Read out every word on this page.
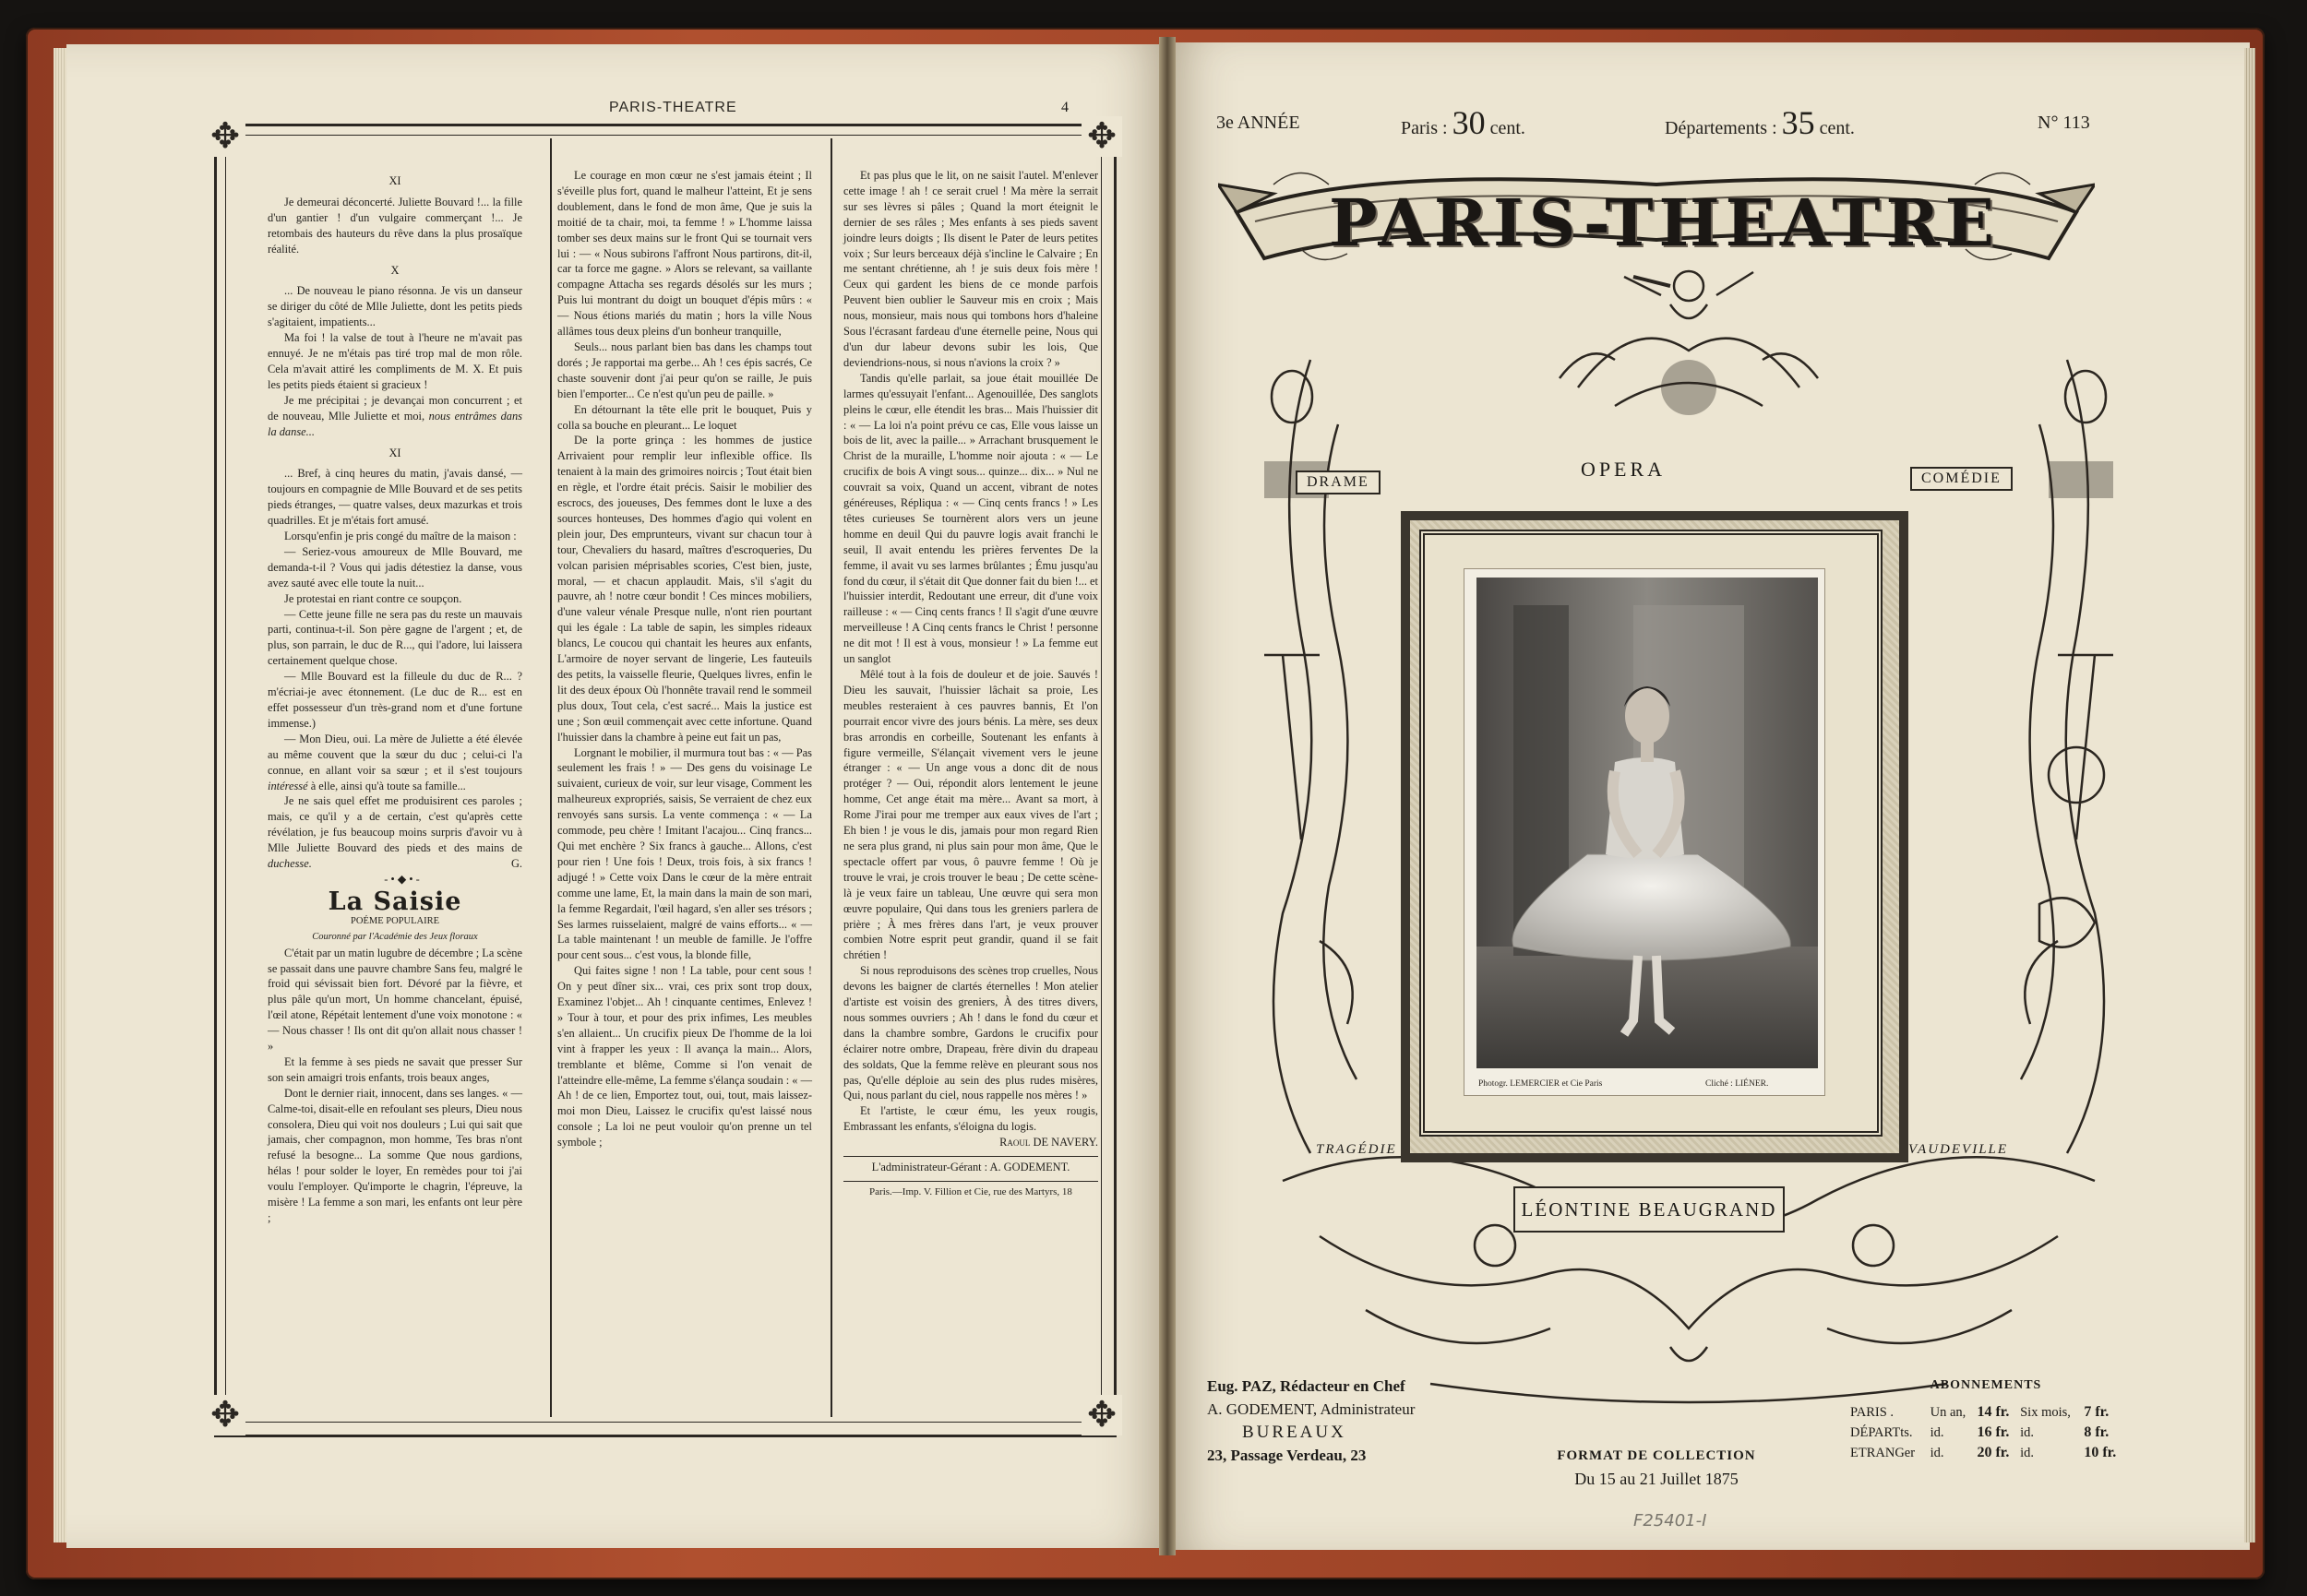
PARIS-THEATRE	4
✥	✥
✥	✥

XI

Je demeurai déconcerté. Juliette Bouvard !... la fille d'un gantier ! d'un vulgaire commerçant !... Je retombais des hauteurs du rêve dans la plus prosaïque réalité.

X

... De nouveau le piano résonna. Je vis un danseur se diriger du côté de Mlle Juliette, dont les petits pieds s'agitaient, impatients...

Ma foi ! la valse de tout à l'heure ne m'avait pas ennuyé. Je ne m'étais pas tiré trop mal de mon rôle. Cela m'avait attiré les compliments de M. X. Et puis les petits pieds étaient si gracieux !

Je me précipitai ; je devançai mon concurrent ; et de nouveau, Mlle Juliette et moi, nous entrâmes dans la danse...

XI

... Bref, à cinq heures du matin, j'avais dansé, — toujours en compagnie de Mlle Bouvard et de ses petits pieds étranges, — quatre valses, deux mazurkas et trois quadrilles. Et je m'étais fort amusé.

Lorsqu'enfin je pris congé du maître de la maison :

— Seriez-vous amoureux de Mlle Bouvard, me demanda-t-il ? Vous qui jadis détestiez la danse, vous avez sauté avec elle toute la nuit...

Je protestai en riant contre ce soupçon.

— Cette jeune fille ne sera pas du reste un mauvais parti, continua-t-il. Son père gagne de l'argent ; et, de plus, son parrain, le duc de R..., qui l'adore, lui laissera certainement quelque chose.

— Mlle Bouvard est la filleule du duc de R... ? m'écriai-je avec étonnement. (Le duc de R... est en effet possesseur d'un très-grand nom et d'une fortune immense.)

— Mon Dieu, oui. La mère de Juliette a été élevée au même couvent que la sœur du duc ; celui-ci l'a connue, en allant voir sa sœur ; et il s'est toujours intéressé à elle, ainsi qu'à toute sa famille...

Je ne sais quel effet me produisirent ces paroles ; mais, ce qu'il y a de certain, c'est qu'après cette révélation, je fus beaucoup moins surpris d'avoir vu à Mlle Juliette Bouvard des pieds et des mains de duchesse.	G.

-•◆•-

La Saisie

POÉME POPULAIRE

Couronné par l'Académie des Jeux floraux

C'était par un matin lugubre de décembre ; La scène se passait dans une pauvre chambre Sans feu, malgré le froid qui sévissait bien fort. Dévoré par la fièvre, et plus pâle qu'un mort, Un homme chancelant, épuisé, l'œil atone, Répétait lentement d'une voix monotone : « — Nous chasser ! Ils ont dit qu'on allait nous chasser ! »

Et la femme à ses pieds ne savait que presser Sur son sein amaigri trois enfants, trois beaux anges,

Dont le dernier riait, innocent, dans ses langes. « — Calme-toi, disait-elle en refoulant ses pleurs, Dieu nous consolera, Dieu qui voit nos douleurs ; Lui qui sait que jamais, cher compagnon, mon homme, Tes bras n'ont refusé la besogne... La somme Que nous gardions, hélas ! pour solder le loyer, En remèdes pour toi j'ai voulu l'employer. Qu'importe le chagrin, l'épreuve, la misère ! La femme a son mari, les enfants ont leur père ;

Le courage en mon cœur ne s'est jamais éteint ; Il s'éveille plus fort, quand le malheur l'atteint, Et je sens doublement, dans le fond de mon âme, Que je suis la moitié de ta chair, moi, ta femme ! » L'homme laissa tomber ses deux mains sur le front Qui se tournait vers lui : — « Nous subirons l'affront Nous partirons, dit-il, car ta force me gagne. » Alors se relevant, sa vaillante compagne Attacha ses regards désolés sur les murs ; Puis lui montrant du doigt un bouquet d'épis mûrs : « — Nous étions mariés du matin ; hors la ville Nous allâmes tous deux pleins d'un bonheur tranquille,

Seuls... nous parlant bien bas dans les champs tout dorés ; Je rapportai ma gerbe... Ah ! ces épis sacrés, Ce chaste souvenir dont j'ai peur qu'on se raille, Je puis bien l'emporter... Ce n'est qu'un peu de paille. »

En détournant la tête elle prit le bouquet, Puis y colla sa bouche en pleurant... Le loquet

De la porte grinça : les hommes de justice Arrivaient pour remplir leur inflexible office. Ils tenaient à la main des grimoires noircis ; Tout était bien en règle, et l'ordre était précis. Saisir le mobilier des escrocs, des joueuses, Des femmes dont le luxe a des sources honteuses, Des hommes d'agio qui volent en plein jour, Des emprunteurs, vivant sur chacun tour à tour, Chevaliers du hasard, maîtres d'escroqueries, Du volcan parisien méprisables scories, C'est bien, juste, moral, — et chacun applaudit. Mais, s'il s'agit du pauvre, ah ! notre cœur bondit ! Ces minces mobiliers, d'une valeur vénale Presque nulle, n'ont rien pourtant qui les égale : La table de sapin, les simples rideaux blancs, Le coucou qui chantait les heures aux enfants, L'armoire de noyer servant de lingerie, Les fauteuils des petits, la vaisselle fleurie, Quelques livres, enfin le lit des deux époux Où l'honnête travail rend le sommeil plus doux, Tout cela, c'est sacré... Mais la justice est une ; Son œuil commençait avec cette infortune. Quand l'huissier dans la chambre à peine eut fait un pas,

Lorgnant le mobilier, il murmura tout bas : « — Pas seulement les frais ! » — Des gens du voisinage Le suivaient, curieux de voir, sur leur visage, Comment les malheureux expropriés, saisis, Se verraient de chez eux renvoyés sans sursis. La vente commença : « — La commode, peu chère ! Imitant l'acajou... Cinq francs... Qui met enchère ? Six francs à gauche... Allons, c'est pour rien ! Une fois ! Deux, trois fois, à six francs ! adjugé ! » Cette voix Dans le cœur de la mère entrait comme une lame, Et, la main dans la main de son mari, la femme Regardait, l'œil hagard, s'en aller ses trésors ; Ses larmes ruisselaient, malgré de vains efforts... « — La table maintenant ! un meuble de famille. Je l'offre pour cent sous... c'est vous, la blonde fille,

Qui faites signe ! non ! La table, pour cent sous ! On y peut dîner six... vrai, ces prix sont trop doux, Examinez l'objet... Ah ! cinquante centimes, Enlevez ! » Tour à tour, et pour des prix infimes, Les meubles s'en allaient... Un crucifix pieux De l'homme de la loi vint à frapper les yeux : Il avança la main... Alors, tremblante et blême, Comme si l'on venait de l'atteindre elle-même, La femme s'élança soudain : « — Ah ! de ce lien, Emportez tout, oui, tout, mais laissez-moi mon Dieu, Laissez le crucifix qu'est laissé nous console ; La loi ne peut vouloir qu'on prenne un tel symbole ;

Et pas plus que le lit, on ne saisit l'autel. M'enlever cette image ! ah ! ce serait cruel ! Ma mère la serrait sur ses lèvres si pâles ; Quand la mort éteignit le dernier de ses râles ; Mes enfants à ses pieds savent joindre leurs doigts ; Ils disent le Pater de leurs petites voix ; Sur leurs berceaux déjà s'incline le Calvaire ; En me sentant chrétienne, ah ! je suis deux fois mère ! Ceux qui gardent les biens de ce monde parfois Peuvent bien oublier le Sauveur mis en croix ; Mais nous, monsieur, mais nous qui tombons hors d'haleine Sous l'écrasant fardeau d'une éternelle peine, Nous qui d'un dur labeur devons subir les lois, Que deviendrions-nous, si nous n'avions la croix ? »

Tandis qu'elle parlait, sa joue était mouillée De larmes qu'essuyait l'enfant... Agenouillée, Des sanglots pleins le cœur, elle étendit les bras... Mais l'huissier dit : « — La loi n'a point prévu ce cas, Elle vous laisse un bois de lit, avec la paille... » Arrachant brusquement le Christ de la muraille, L'homme noir ajouta : « — Le crucifix de bois A vingt sous... quinze... dix... » Nul ne couvrait sa voix, Quand un accent, vibrant de notes généreuses, Répliqua : « — Cinq cents francs ! » Les têtes curieuses Se tournèrent alors vers un jeune homme en deuil Qui du pauvre logis avait franchi le seuil, Il avait entendu les prières ferventes De la femme, il avait vu ses larmes brûlantes ; Ému jusqu'au fond du cœur, il s'était dit Que donner fait du bien !... et l'huissier interdit, Redoutant une erreur, dit d'une voix railleuse : « — Cinq cents francs ! Il s'agit d'une œuvre merveilleuse ! A Cinq cents francs le Christ ! personne ne dit mot ! Il est à vous, monsieur ! » La femme eut un sanglot

Mêlé tout à la fois de douleur et de joie. Sauvés ! Dieu les sauvait, l'huissier lâchait sa proie, Les meubles resteraient à ces pauvres bannis, Et l'on pourrait encor vivre des jours bénis. La mère, ses deux bras arrondis en corbeille, Soutenant les enfants à figure vermeille, S'élançait vivement vers le jeune étranger : « — Un ange vous a donc dit de nous protéger ? — Oui, répondit alors lentement le jeune homme, Cet ange était ma mère... Avant sa mort, à Rome J'irai pour me tremper aux eaux vives de l'art ; Eh bien ! je vous le dis, jamais pour mon regard Rien ne sera plus grand, ni plus sain pour mon âme, Que le spectacle offert par vous, ô pauvre femme ! Où je trouve le vrai, je crois trouver le beau ; De cette scène-là je veux faire un tableau, Une œuvre qui sera mon œuvre populaire, Qui dans tous les greniers parlera de prière ; À mes frères dans l'art, je veux prouver combien Notre esprit peut grandir, quand il se fait chrétien !

Si nous reproduisons des scènes trop cruelles, Nous devons les baigner de clartés éternelles ! Mon atelier d'artiste est voisin des greniers, À des titres divers, nous sommes ouvriers ; Ah ! dans le fond du cœur et dans la chambre sombre, Gardons le crucifix pour éclairer notre ombre, Drapeau, frère divin du drapeau des soldats, Que la femme relève en pleurant sous nos pas, Qu'elle déploie au sein des plus rudes misères, Qui, nous parlant du ciel, nous rappelle nos mères ! »

Et l'artiste, le cœur ému, les yeux rougis, Embrassant les enfants, s'éloigna du logis.

Raoul DE NAVERY.

L'administrateur-Gérant : A. GODEMENT.

Paris.—Imp. V. Fillion et Cie, rue des Martyrs, 18

3e ANNÉE	Paris : 30 cent.	Départements : 35 cent.	N° 113
PARIS-THEATRE
DRAME
OPERA	COMÉDIE
Photogr. LEMERCIER et Cie Paris	Cliché : LIÉNER.
TRAGÉDIE	VAUDEVILLE
LÉONTINE BEAUGRAND
Eug. PAZ, Rédacteur en Chef
A. GODEMENT, Administrateur
BUREAUX
23, Passage Verdeau, 23	FORMAT DE COLLECTION
Du 15 au 21 Juillet 1875
ABONNEMENTS
PARIS .	Un an,	14 fr.	Six mois,	7 fr.
DÉPARTts.	id.	16 fr.	id.	8 fr.
ETRANGer	id.	20 fr.	id.	10 fr.
F25401-I
